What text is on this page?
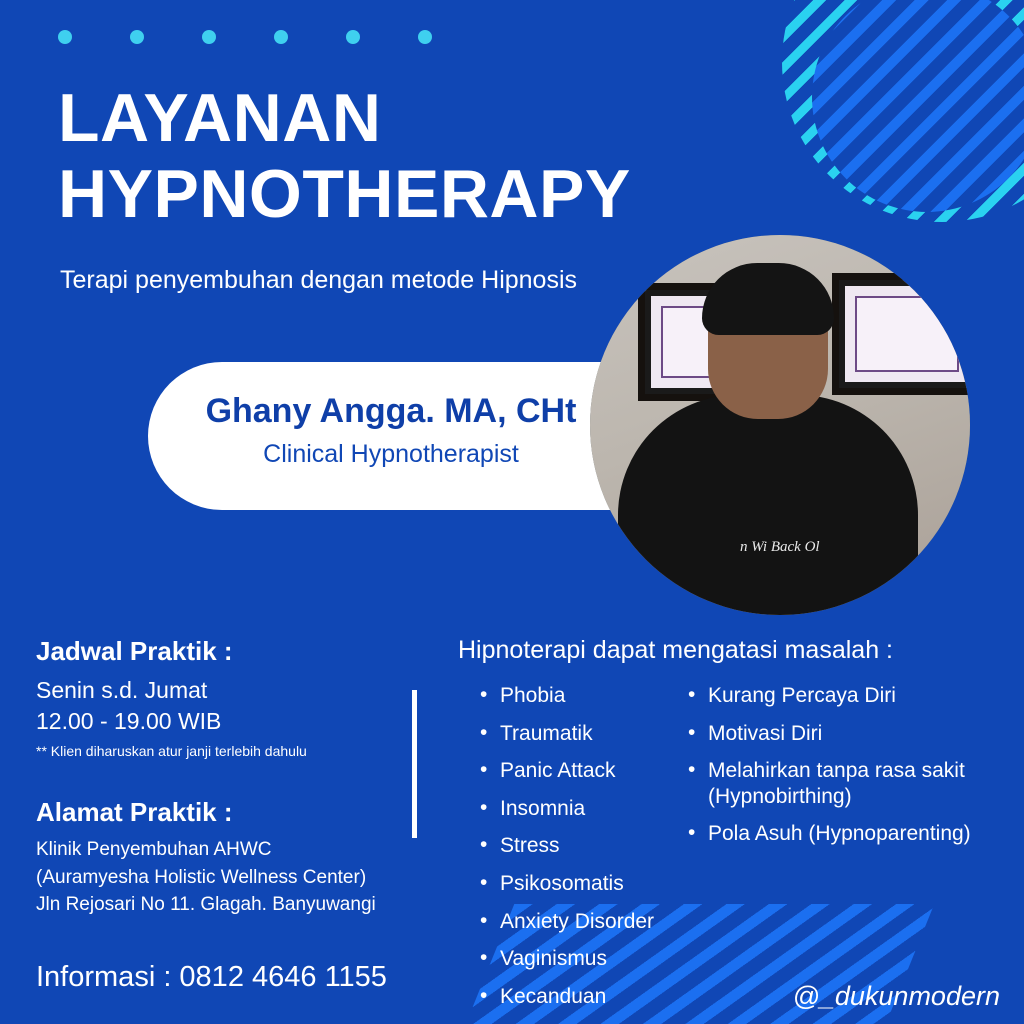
LAYANAN
HYPNOTHERAPY
Terapi penyembuhan dengan metode Hipnosis
Ghany Angga. MA, CHt
Clinical Hypnotherapist
n Wi Back Ol
Jadwal Praktik :
Senin s.d. Jumat
12.00 - 19.00 WIB
** Klien diharuskan atur janji terlebih dahulu
Alamat Praktik :
Klinik Penyembuhan AHWC
(Auramyesha Holistic Wellness Center)
Jln Rejosari No 11. Glagah. Banyuwangi
Hipnoterapi dapat mengatasi masalah :
• Phobia
• Traumatik
• Panic Attack
• Insomnia
• Stress
• Psikosomatis
• Anxiety Disorder
• Vaginismus
• Kecanduan
• Kurang Percaya Diri
• Motivasi Diri
• Melahirkan tanpa rasa sakit (Hypnobirthing)
• Pola Asuh (Hypnoparenting)
Informasi : 0812 4646 1155
@_dukunmodern
